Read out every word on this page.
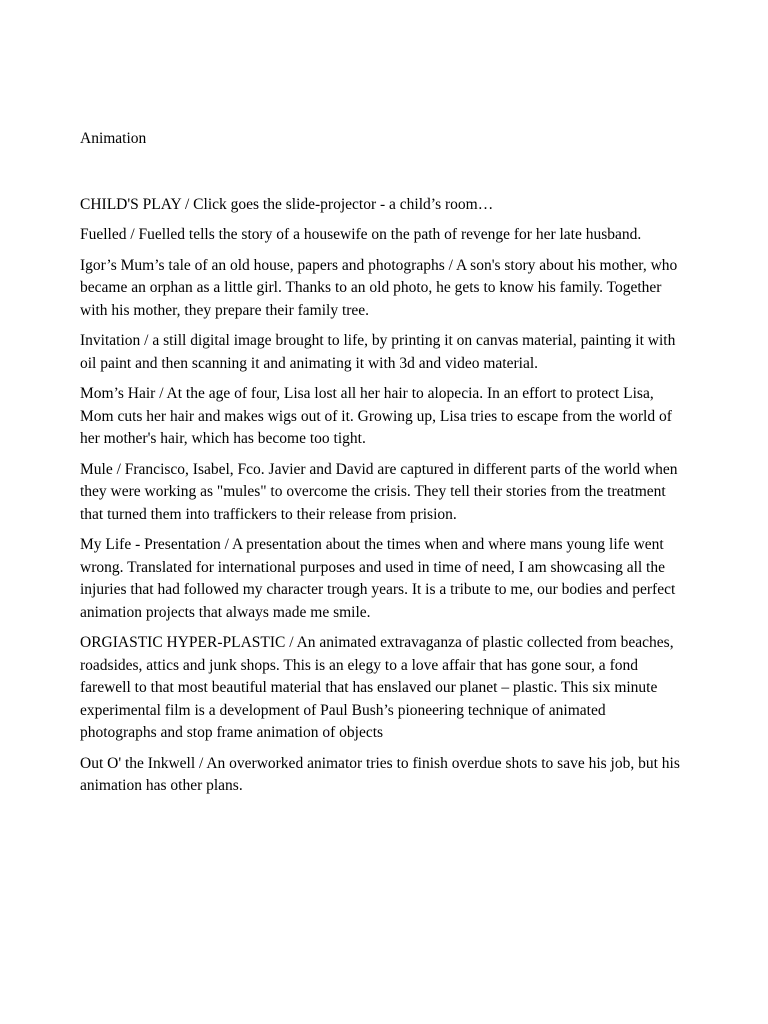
Animation

CHILD'S PLAY / Click goes the slide-projector - a child’s room…

Fuelled / Fuelled tells the story of a housewife on the path of revenge for her late husband.

Igor’s Mum’s tale of an old house, papers and photographs / A son's story about his mother, who became an orphan as a little girl. Thanks to an old photo, he gets to know his family. Together with his mother, they prepare their family tree.

Invitation / a still digital image brought to life, by printing it on canvas material, painting it with oil paint and then scanning it and animating it with 3d and video material.

Mom’s Hair / At the age of four, Lisa lost all her hair to alopecia. In an effort to protect Lisa, Mom cuts her hair and makes wigs out of it. Growing up, Lisa tries to escape from the world of her mother's hair, which has become too tight.

Mule / Francisco, Isabel, Fco. Javier and David are captured in different parts of the world when they were working as "mules" to overcome the crisis. They tell their stories from the treatment that turned them into traffickers to their release from prision.

My Life - Presentation / A presentation about the times when and where mans young life went wrong. Translated for international purposes and used in time of need, I am showcasing all the injuries that had followed my character trough years. It is a tribute to me, our bodies and perfect animation projects that always made me smile.

ORGIASTIC HYPER-PLASTIC / An animated extravaganza of plastic collected from beaches, roadsides, attics and junk shops. This is an elegy to a love affair that has gone sour, a fond farewell to that most beautiful material that has enslaved our planet – plastic. This six minute experimental film is a development of Paul Bush’s pioneering technique of animated photographs and stop frame animation of objects

Out O' the Inkwell / An overworked animator tries to finish overdue shots to save his job, but his animation has other plans.
